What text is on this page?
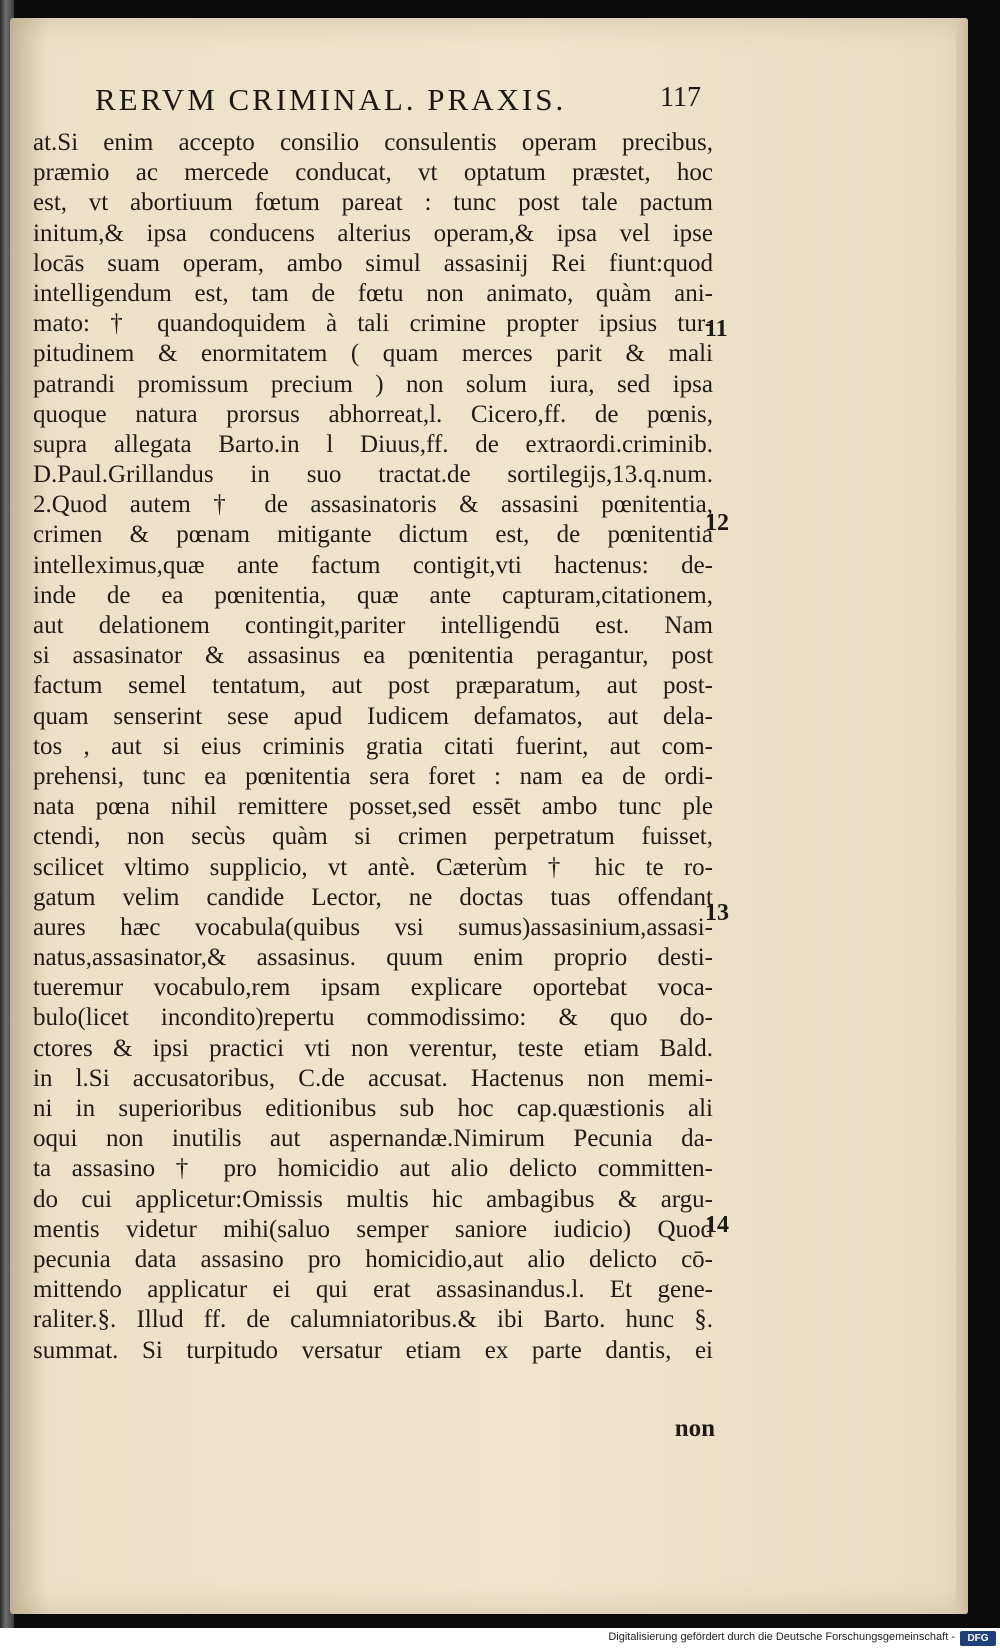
RERVM CRIMINAL. PRAXIS.	117
at.Si enim accepto consilio consulentis operam precibus,
præmio ac mercede conducat, vt optatum præstet, hoc
est, vt abortiuum fœtum pareat : tunc post tale pactum
initum,& ipsa conducens alterius operam,& ipsa vel ipse
locās suam operam, ambo simul assasinij Rei fiunt:quod
intelligendum est, tam de fœtu non animato, quàm ani-
mato: † quandoquidem à tali crimine propter ipsius tur-
pitudinem & enormitatem ( quam merces parit & mali
patrandi promissum precium ) non solum iura, sed ipsa
quoque natura prorsus abhorreat,l. Cicero,ff. de pœnis,
supra allegata Barto.in l Diuus,ff. de extraordi.criminib.
D.Paul.Grillandus in suo tractat.de sortilegijs,13.q.num.
2.Quod autem † de assasinatoris & assasini pœnitentia,
crimen & pœnam mitigante dictum est, de pœnitentia
intelleximus,quæ ante factum contigit,vti hactenus: de-
inde de ea pœnitentia, quæ ante capturam,citationem,
aut delationem contingit,pariter intelligendū est. Nam
si assasinator & assasinus ea pœnitentia peragantur, post
factum semel tentatum, aut post præparatum, aut post-
quam senserint sese apud Iudicem defamatos, aut dela-
tos , aut si eius criminis gratia citati fuerint, aut com-
prehensi, tunc ea pœnitentia sera foret : nam ea de ordi-
nata pœna nihil remittere posset,sed essēt ambo tunc ple
ctendi, non secùs quàm si crimen perpetratum fuisset,
scilicet vltimo supplicio, vt antè. Cæterùm † hic te ro-
gatum velim candide Lector, ne doctas tuas offendant
aures hæc vocabula(quibus vsi sumus)assasinium,assasi-
natus,assasinator,& assasinus. quum enim proprio desti-
tueremur vocabulo,rem ipsam explicare oportebat voca-
bulo(licet incondito)repertu commodissimo: & quo do-
ctores & ipsi practici vti non verentur, teste etiam Bald.
in l.Si accusatoribus, C.de accusat. Hactenus non memi-
ni in superioribus editionibus sub hoc cap.quæstionis ali
oqui non inutilis aut aspernandæ.Nimirum Pecunia da-
ta assasino † pro homicidio aut alio delicto committen-
do cui applicetur:Omissis multis hic ambagibus & argu-
mentis videtur mihi(saluo semper saniore iudicio) Quod
pecunia data assasino pro homicidio,aut alio delicto cō-
mittendo applicatur ei qui erat assasinandus.l. Et gene-
raliter.§. Illud ff. de calumniatoribus.& ibi Barto. hunc §.
summat. Si turpitudo versatur etiam ex parte dantis, ei
non
11
12
13
14
Digitalisierung gefördert durch die Deutsche Forschungsgemeinschaft -	DFG
